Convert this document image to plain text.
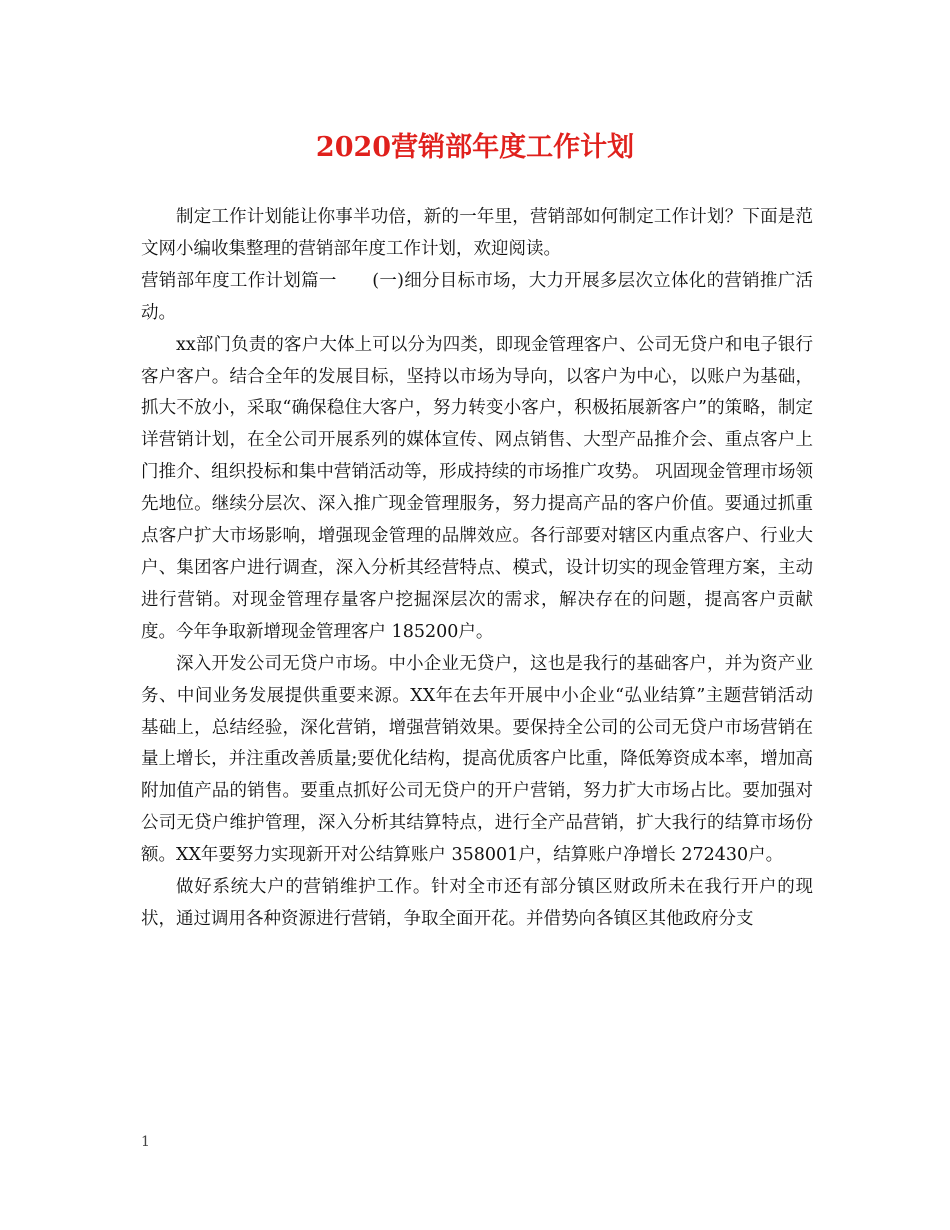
2020营销部年度工作计划

制定工作计划能让你事半功倍，新的一年里，营销部如何制定工作计划？下面是范文网小编收集整理的营销部年度工作计划，欢迎阅读。

营销部年度工作计划篇一　　(一)细分目标市场，大力开展多层次立体化的营销推广活动。

xx部门负责的客户大体上可以分为四类，即现金管理客户、公司无贷户和电子银行客户客户。结合全年的发展目标，坚持以市场为导向，以客户为中心，以账户为基础，抓大不放小，采取“确保稳住大客户，努力转变小客户，积极拓展新客户”的策略，制定详营销计划，在全公司开展系列的媒体宣传、网点销售、大型产品推介会、重点客户上门推介、组织投标和集中营销活动等，形成持续的市场推广攻势。 巩固现金管理市场领先地位。继续分层次、深入推广现金管理服务，努力提高产品的客户价值。要通过抓重点客户扩大市场影响，增强现金管理的品牌效应。各行部要对辖区内重点客户、行业大户、集团客户进行调查，深入分析其经营特点、模式，设计切实的现金管理方案，主动进行营销。对现金管理存量客户挖掘深层次的需求，解决存在的问题，提高客户贡献度。今年争取新增现金管理客户 185200户。

深入开发公司无贷户市场。中小企业无贷户，这也是我行的基础客户，并为资产业务、中间业务发展提供重要来源。XX年在去年开展中小企业“弘业结算”主题营销活动基础上，总结经验，深化营销，增强营销效果。要保持全公司的公司无贷户市场营销在量上增长，并注重改善质量;要优化结构，提高优质客户比重，降低筹资成本率，增加高附加值产品的销售。要重点抓好公司无贷户的开户营销，努力扩大市场占比。要加强对公司无贷户维护管理，深入分析其结算特点，进行全产品营销，扩大我行的结算市场份额。XX年要努力实现新开对公结算账户 358001户，结算账户净增长 272430户。

做好系统大户的营销维护工作。针对全市还有部分镇区财政所未在我行开户的现状，通过调用各种资源进行营销，争取全面开花。并借势向各镇区其他政府分支

1
